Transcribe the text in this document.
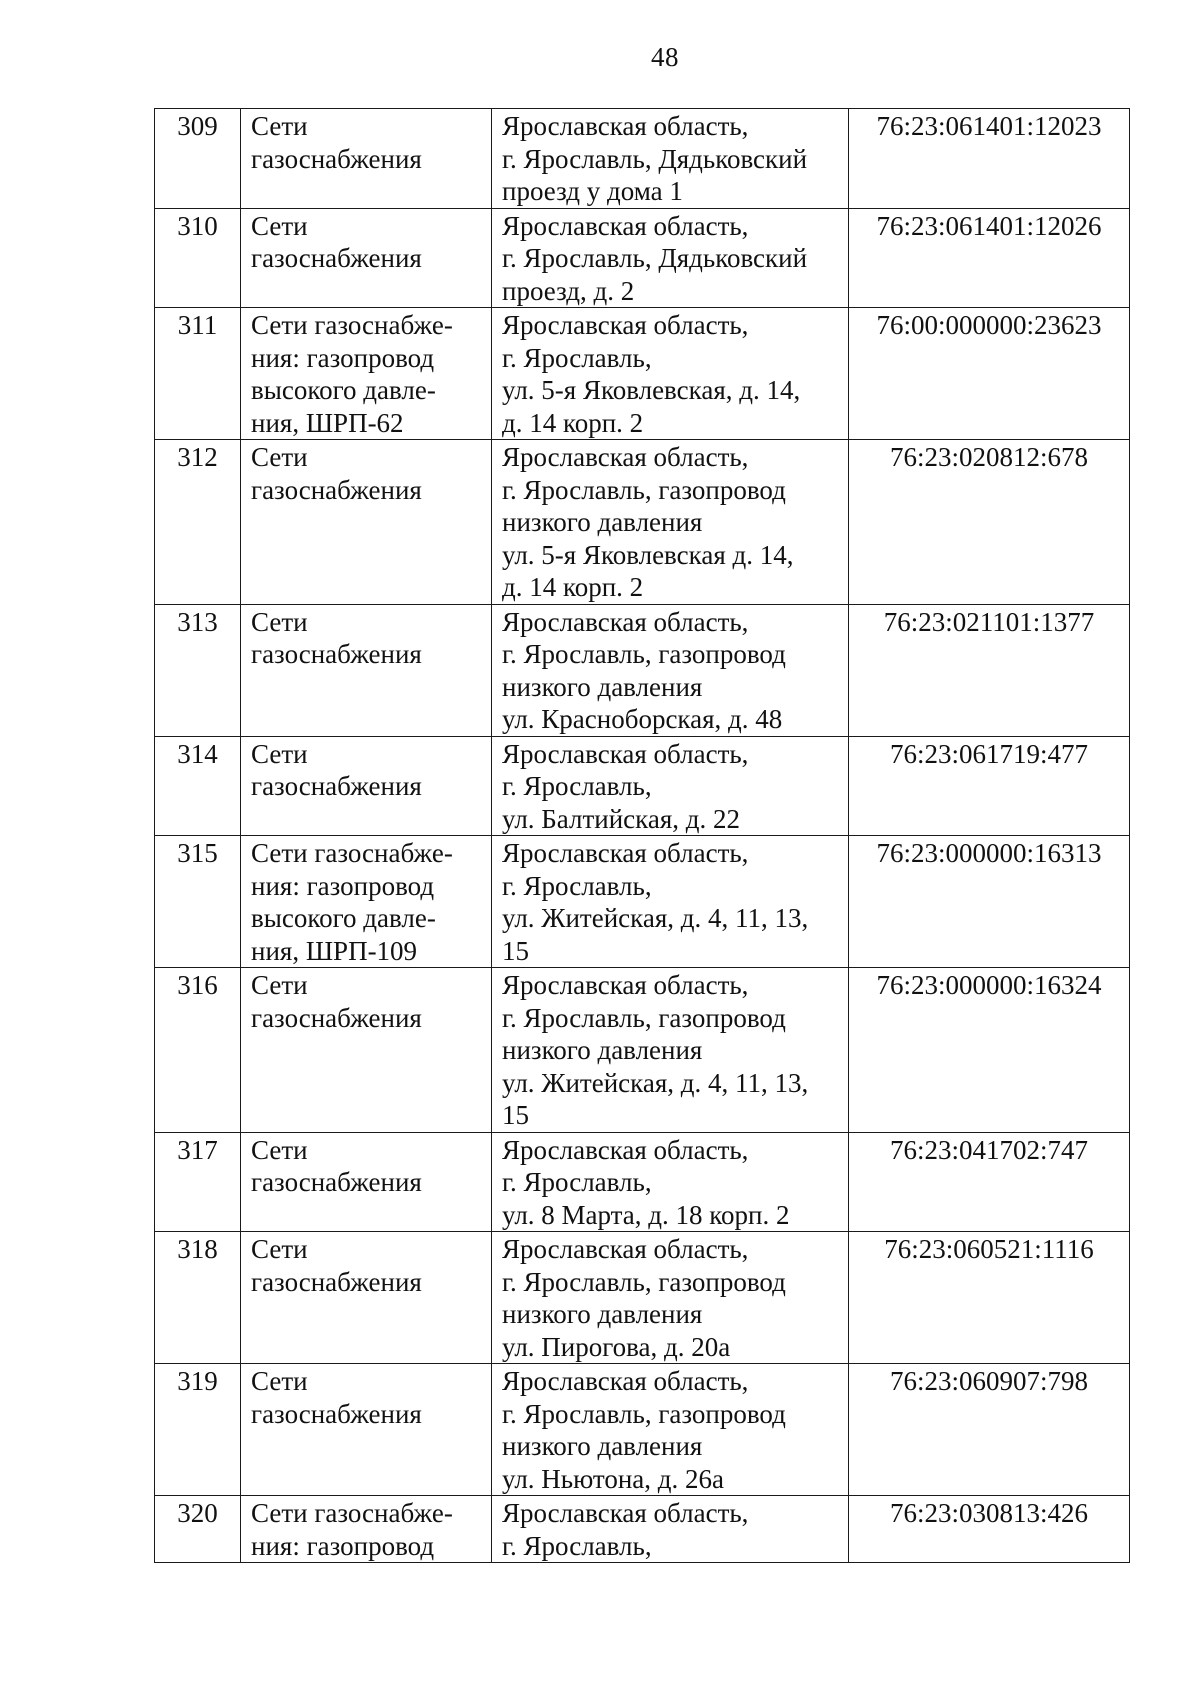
48
309	Сети
газоснабжения	Ярославская область,
г. Ярославль, Дядьковский
проезд у дома 1	76:23:061401:12023
310	Сети
газоснабжения	Ярославская область,
г. Ярославль, Дядьковский
проезд, д. 2	76:23:061401:12026
311	Сети газоснабже-
ния: газопровод
высокого давле-
ния, ШРП-62	Ярославская область,
г. Ярославль,
ул. 5-я Яковлевская, д. 14,
д. 14 корп. 2	76:00:000000:23623
312	Сети
газоснабжения	Ярославская область,
г. Ярославль, газопровод
низкого давления
ул. 5-я Яковлевская д. 14,
д. 14 корп. 2	76:23:020812:678
313	Сети
газоснабжения	Ярославская область,
г. Ярославль, газопровод
низкого давления
ул. Красноборская, д. 48	76:23:021101:1377
314	Сети
газоснабжения	Ярославская область,
г. Ярославль,
ул. Балтийская, д. 22	76:23:061719:477
315	Сети газоснабже-
ния: газопровод
высокого давле-
ния, ШРП-109	Ярославская область,
г. Ярославль,
ул. Житейская, д. 4, 11, 13,
15	76:23:000000:16313
316	Сети
газоснабжения	Ярославская область,
г. Ярославль, газопровод
низкого давления
ул. Житейская, д. 4, 11, 13,
15	76:23:000000:16324
317	Сети
газоснабжения	Ярославская область,
г. Ярославль,
ул. 8 Марта, д. 18 корп. 2	76:23:041702:747
318	Сети
газоснабжения	Ярославская область,
г. Ярославль, газопровод
низкого давления
ул. Пирогова, д. 20а	76:23:060521:1116
319	Сети
газоснабжения	Ярославская область,
г. Ярославль, газопровод
низкого давления
ул. Ньютона, д. 26а	76:23:060907:798
320	Сети газоснабже-
ния: газопровод	Ярославская область,
г. Ярославль,	76:23:030813:426
